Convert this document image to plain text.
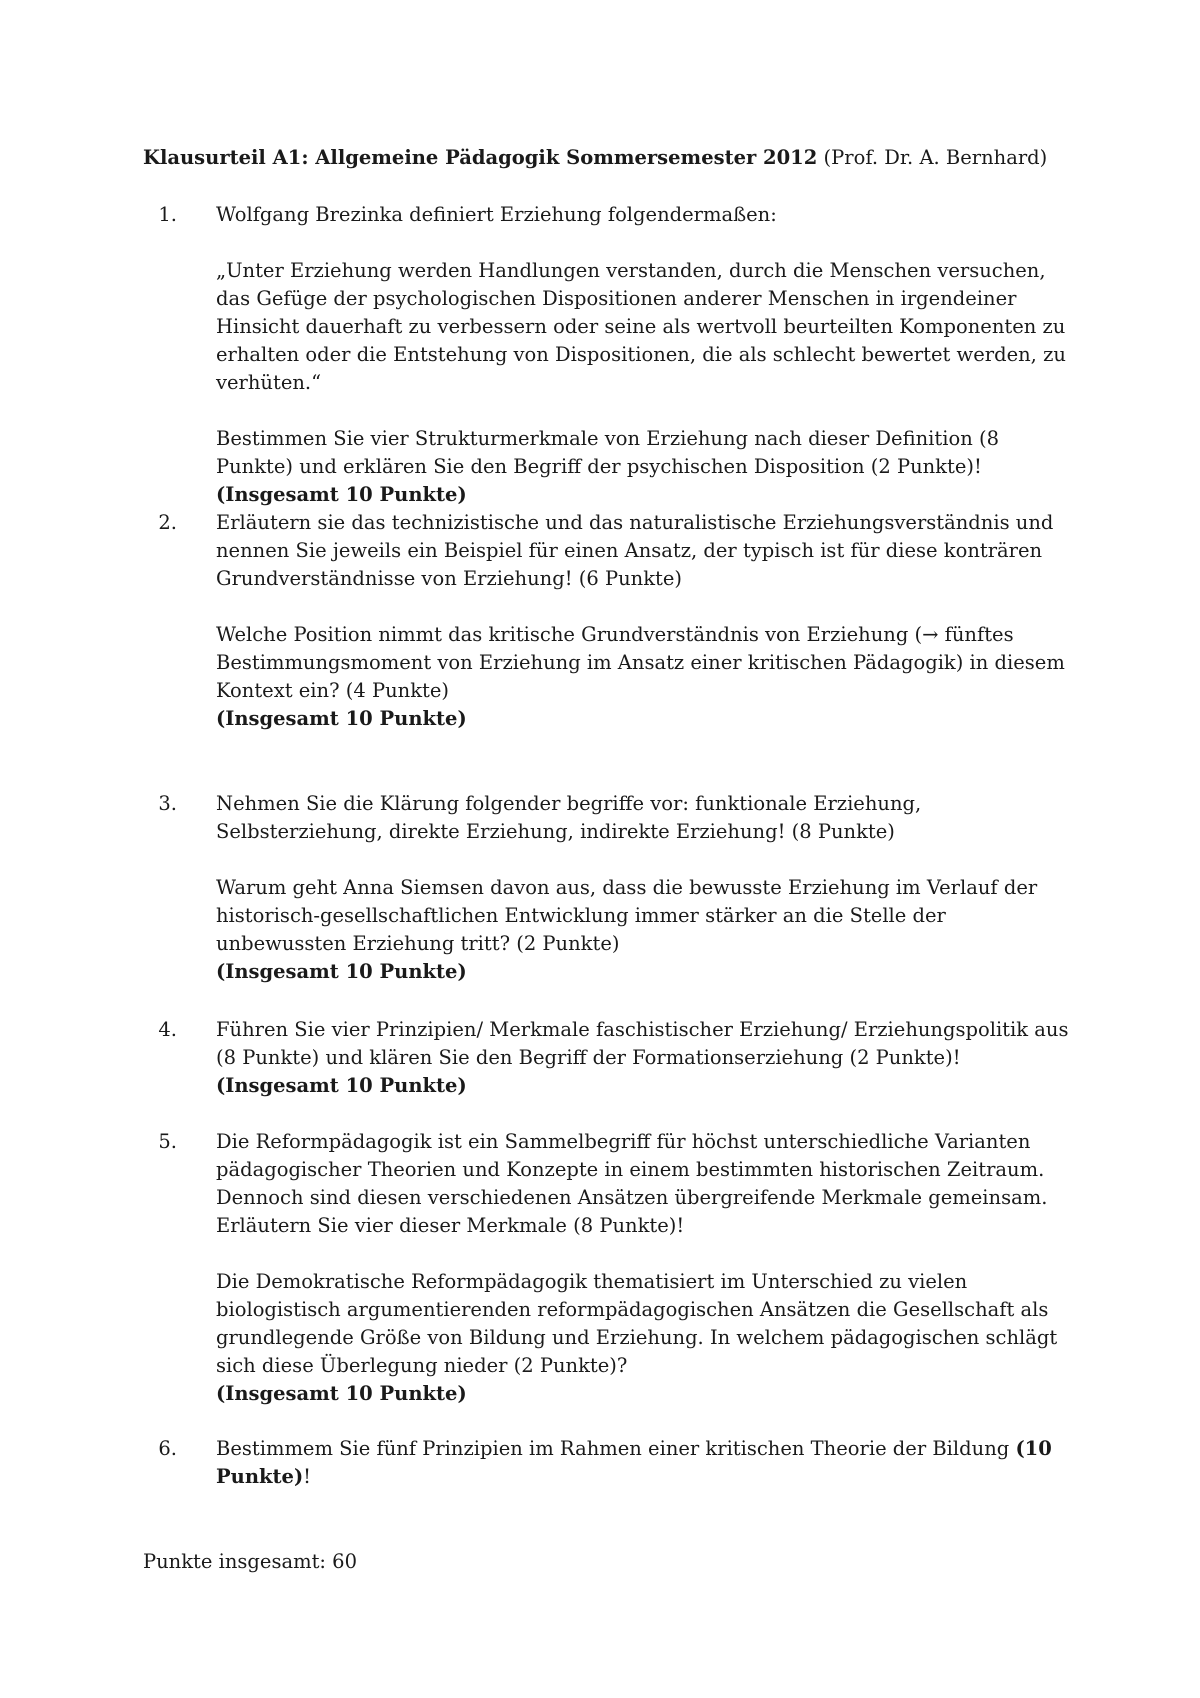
Klausurteil A1: Allgemeine Pädagogik Sommersemester 2012 (Prof. Dr. A. Bernhard)
1. Wolfgang Brezinka definiert Erziehung folgendermaßen:

„Unter Erziehung werden Handlungen verstanden, durch die Menschen versuchen, das Gefüge der psychologischen Dispositionen anderer Menschen in irgendeiner Hinsicht dauerhaft zu verbessern oder seine als wertvoll beurteilten Komponenten zu erhalten oder die Entstehung von Dispositionen, die als schlecht bewertet werden, zu verhüten.“

Bestimmen Sie vier Strukturmerkmale von Erziehung nach dieser Definition (8 Punkte) und erklären Sie den Begriff der psychischen Disposition (2 Punkte)!
(Insgesamt 10 Punkte)

2. Erläutern sie das technizistische und das naturalistische Erziehungsverständnis und nennen Sie jeweils ein Beispiel für einen Ansatz, der typisch ist für diese konträren Grundverständnisse von Erziehung! (6 Punkte)

Welche Position nimmt das kritische Grundverständnis von Erziehung (→ fünftes Bestimmungsmoment von Erziehung im Ansatz einer kritischen Pädagogik) in diesem Kontext ein? (4 Punkte)
(Insgesamt 10 Punkte)

3. Nehmen Sie die Klärung folgender begriffe vor: funktionale Erziehung, Selbsterziehung, direkte Erziehung, indirekte Erziehung! (8 Punkte)

Warum geht Anna Siemsen davon aus, dass die bewusste Erziehung im Verlauf der historisch-gesellschaftlichen Entwicklung immer stärker an die Stelle der unbewussten Erziehung tritt? (2 Punkte)
(Insgesamt 10 Punkte)

4. Führen Sie vier Prinzipien/ Merkmale faschistischer Erziehung/ Erziehungspolitik aus (8 Punkte) und klären Sie den Begriff der Formationserziehung (2 Punkte)!
(Insgesamt 10 Punkte)

5. Die Reformpädagogik ist ein Sammelbegriff für höchst unterschiedliche Varianten pädagogischer Theorien und Konzepte in einem bestimmten historischen Zeitraum. Dennoch sind diesen verschiedenen Ansätzen übergreifende Merkmale gemeinsam. Erläutern Sie vier dieser Merkmale (8 Punkte)!

Die Demokratische Reformpädagogik thematisiert im Unterschied zu vielen biologistisch argumentierenden reformpädagogischen Ansätzen die Gesellschaft als grundlegende Größe von Bildung und Erziehung. In welchem pädagogischen schlägt sich diese Überlegung nieder (2 Punkte)?
(Insgesamt 10 Punkte)

6. Bestimmem Sie fünf Prinzipien im Rahmen einer kritischen Theorie der Bildung (10 Punkte)!

Punkte insgesamt: 60
